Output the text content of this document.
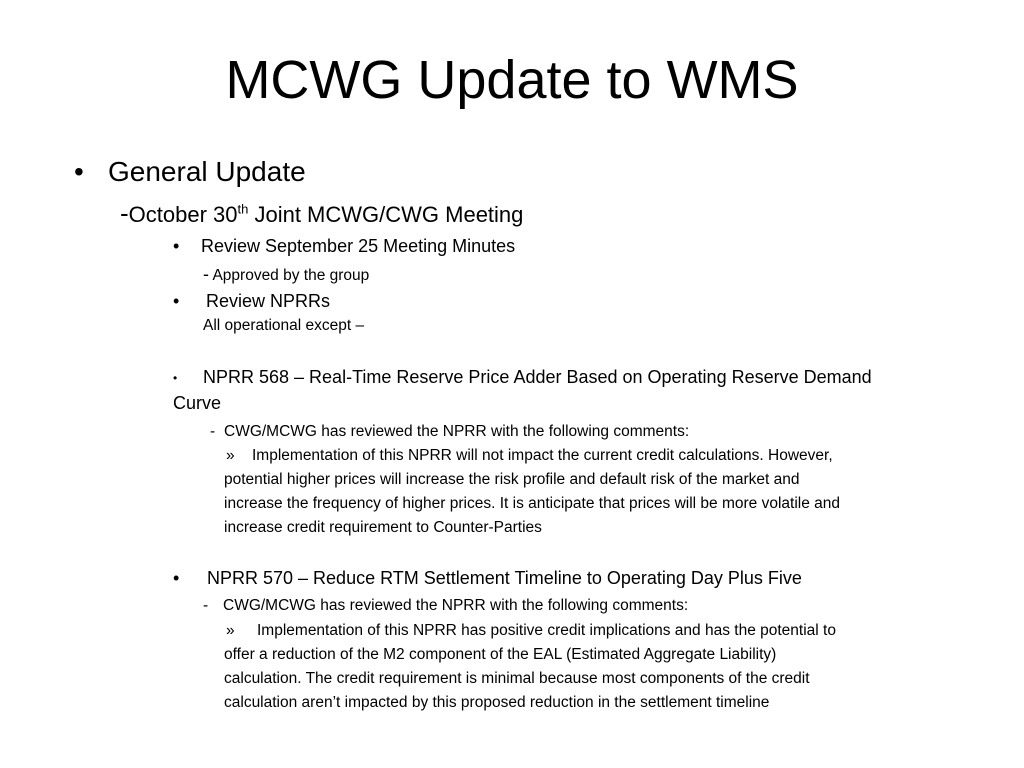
MCWG Update to WMS
• General Update
-October 30th Joint MCWG/CWG Meeting
• Review September 25 Meeting Minutes
- Approved by the group
• Review NPRRs
All operational except –
• NPRR 568 – Real-Time Reserve Price Adder Based on Operating Reserve Demand
Curve
- CWG/MCWG has reviewed the NPRR with the following comments:
» Implementation of this NPRR will not impact the current credit calculations. However,
potential higher prices will increase the risk profile and default risk of the market and
increase the frequency of higher prices. It is anticipate that prices will be more volatile and
increase credit requirement to Counter-Parties
• NPRR 570 – Reduce RTM Settlement Timeline to Operating Day Plus Five
- CWG/MCWG has reviewed the NPRR with the following comments:
» Implementation of this NPRR has positive credit implications and has the potential to
offer a reduction of the M2 component of the EAL (Estimated Aggregate Liability)
calculation. The credit requirement is minimal because most components of the credit
calculation aren’t impacted by this proposed reduction in the settlement timeline
